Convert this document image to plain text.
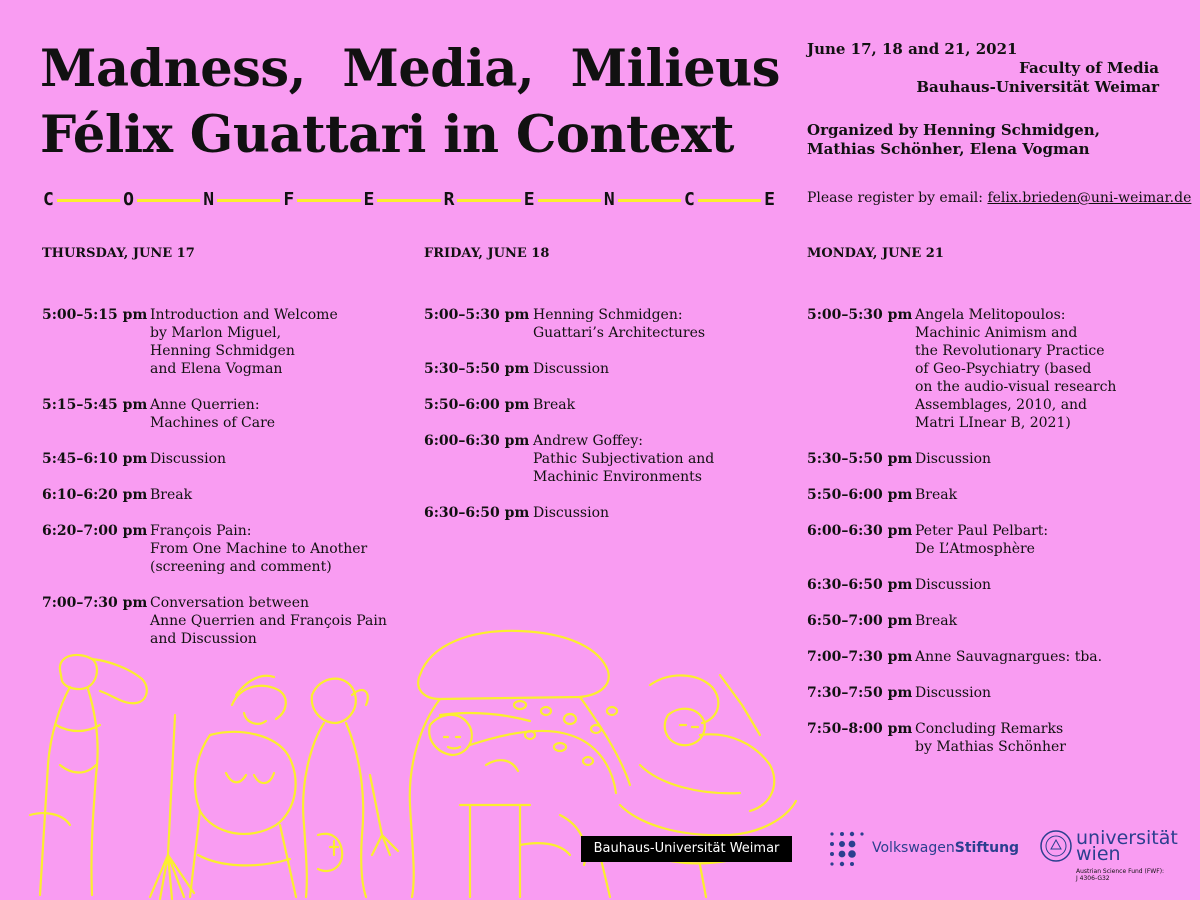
Madness, Media, Milieus
Félix Guattari in Context
C	O	N	F	E	R	E	N	C	E
June 17, 18 and 21, 2021
Faculty of Media
Bauhaus-Universität Weimar
Organized by Henning Schmidgen,
Mathias Schönher, Elena Vogman
Please register by email: felix.brieden@uni-weimar.de
THURSDAY, JUNE 17
5:00–5:15 pm Introduction and Welcome
by Marlon Miguel,
Henning Schmidgen
and Elena Vogman
5:15–5:45 pm Anne Querrien:
Machines of Care
5:45–6:10 pm Discussion
6:10–6:20 pm Break
6:20–7:00 pm François Pain:
From One Machine to Another
(screening and comment)
7:00–7:30 pm Conversation between
Anne Querrien and François Pain
and Discussion
FRIDAY, JUNE 18
5:00–5:30 pm Henning Schmidgen:
Guattari’s Architectures
5:30–5:50 pm Discussion
5:50–6:00 pm Break
6:00–6:30 pm Andrew Goffey:
Pathic Subjectivation and
Machinic Environments
6:30–6:50 pm Discussion
MONDAY, JUNE 21
5:00–5:30 pm Angela Melitopoulos:
Machinic Animism and
the Revolutionary Practice
of Geo-Psychiatry (based
on the audio-visual research
Assemblages, 2010, and
Matri LInear B, 2021)
5:30–5:50 pm Discussion
5:50–6:00 pm Break
6:00–6:30 pm Peter Paul Pelbart:
De L’Atmosphère
6:30–6:50 pm Discussion
6:50–7:00 pm Break
7:00–7:30 pm Anne Sauvagnargues: tba.
7:30–7:50 pm Discussion
7:50–8:00 pm Concluding Remarks
by Mathias Schönher
Bauhaus-Universität Weimar	VolkswagenStiftung	universität
wien
Austrian Science Fund (FWF):
J 4306-G32
